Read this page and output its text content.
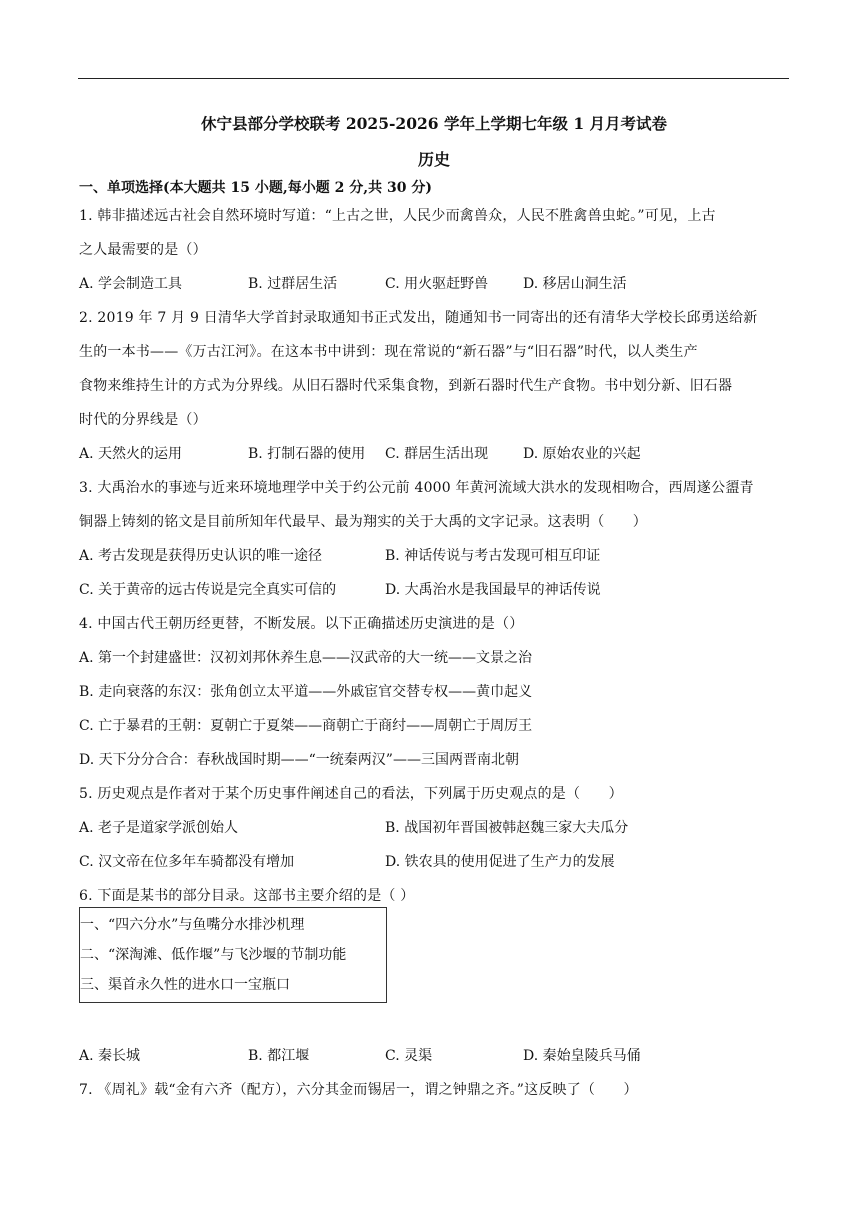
休宁县部分学校联考 2025-2026 学年上学期七年级 1 月月考试卷
历史
一、单项选择(本大题共 15 小题,每小题 2 分,共 30 分)
1. 韩非描述远古社会自然环境时写道：“上古之世，人民少而禽兽众，人民不胜禽兽虫蛇。”可见，上古
之人最需要的是（）
A. 学会制造工具	B. 过群居生活	C. 用火驱赶野兽 D. 移居山洞生活
2. 2019 年 7 月 9 日清华大学首封录取通知书正式发出，随通知书一同寄出的还有清华大学校长邱勇送给新
生的一本书——《万古江河》。在这本书中讲到：现在常说的“新石器”与“旧石器”时代，以人类生产
食物来维持生计的方式为分界线。从旧石器时代采集食物，到新石器时代生产食物。书中划分新、旧石器
时代的分界线是（）
A. 天然火的运用	B. 打制石器的使用 C. 群居生活出现 D. 原始农业的兴起
3. 大禹治水的事迹与近来环境地理学中关于约公元前 4000 年黄河流域大洪水的发现相吻合，西周遂公盨青
铜器上铸刻的铭文是目前所知年代最早、最为翔实的关于大禹的文字记录。这表明（　　）
A. 考古发现是获得历史认识的唯一途径	B. 神话传说与考古发现可相互印证
C. 关于黄帝的远古传说是完全真实可信的	D. 大禹治水是我国最早的神话传说
4. 中国古代王朝历经更替，不断发展。以下正确描述历史演进的是（）
A. 第一个封建盛世：汉初刘邦休养生息——汉武帝的大一统——文景之治
B. 走向衰落的东汉：张角创立太平道——外戚宦官交替专权——黄巾起义
C. 亡于暴君的王朝：夏朝亡于夏桀——商朝亡于商纣——周朝亡于周厉王
D. 天下分分合合：春秋战国时期——“一统秦两汉”——三国两晋南北朝
5. 历史观点是作者对于某个历史事件阐述自己的看法，下列属于历史观点的是（　　）
A. 老子是道家学派创始人	B. 战国初年晋国被韩赵魏三家大夫瓜分
C. 汉文帝在位多年车骑都没有增加	D. 铁农具的使用促进了生产力的发展
6. 下面是某书的部分目录。这部书主要介绍的是（ ）
一、“四六分水”与鱼嘴分水排沙机理
二、“深淘滩、低作堰”与飞沙堰的节制功能
三、渠首永久性的进水口一宝瓶口
A. 秦长城	B. 都江堰	C. 灵渠	D. 秦始皇陵兵马俑
7. 《周礼》载“金有六齐（配方），六分其金而锡居一，谓之钟鼎之齐。”这反映了（　　）
